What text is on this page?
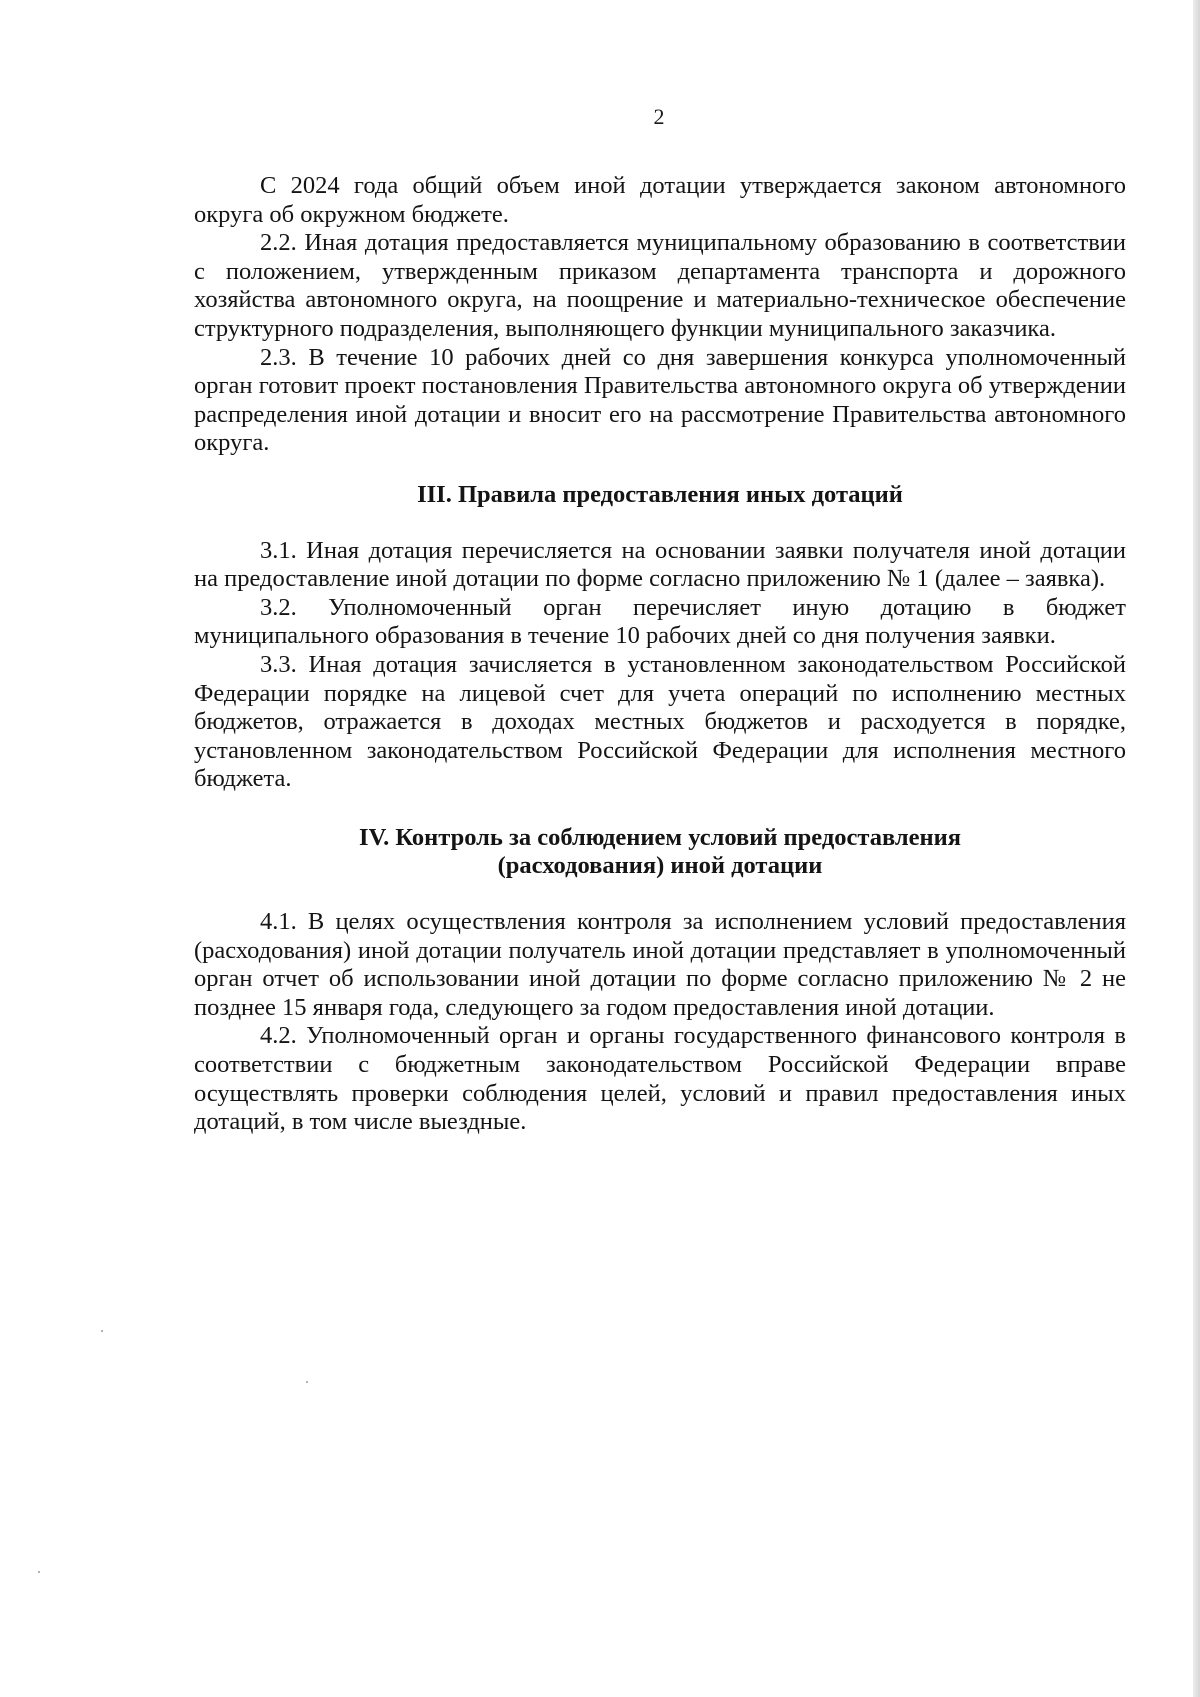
2

С 2024 года общий объем иной дотации утверждается законом автономного округа об окружном бюджете.

2.2. Иная дотация предоставляется муниципальному образованию в соответствии с положением, утвержденным приказом департамента транспорта и дорожного хозяйства автономного округа, на поощрение и материально-техническое обеспечение структурного подразделения, выполняющего функции муниципального заказчика.

2.3. В течение 10 рабочих дней со дня завершения конкурса уполномоченный орган готовит проект постановления Правительства автономного округа об утверждении распределения иной дотации и вносит его на рассмотрение Правительства автономного округа.

III. Правила предоставления иных дотаций

3.1. Иная дотация перечисляется на основании заявки получателя иной дотации на предоставление иной дотации по форме согласно приложению № 1 (далее – заявка).

3.2. Уполномоченный орган перечисляет иную дотацию в бюджет муниципального образования в течение 10 рабочих дней со дня получения заявки.

3.3. Иная дотация зачисляется в установленном законодательством Российской Федерации порядке на лицевой счет для учета операций по исполнению местных бюджетов, отражается в доходах местных бюджетов и расходуется в порядке, установленном законодательством Российской Федерации для исполнения местного бюджета.

IV. Контроль за соблюдением условий предоставления
(расходования) иной дотации

4.1. В целях осуществления контроля за исполнением условий предоставления (расходования) иной дотации получатель иной дотации представляет в уполномоченный орган отчет об использовании иной дотации по форме согласно приложению № 2 не позднее 15 января года, следующего за годом предоставления иной дотации.

4.2. Уполномоченный орган и органы государственного финансового контроля в соответствии с бюджетным законодательством Российской Федерации вправе осуществлять проверки соблюдения целей, условий и правил предоставления иных дотаций, в том числе выездные.
